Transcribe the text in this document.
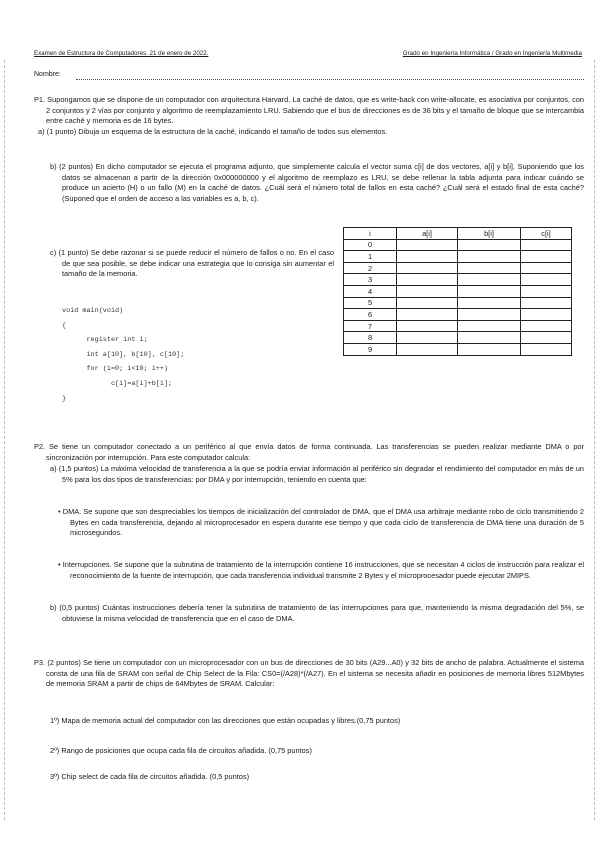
Examen de Estructura de Computadores. 21 de enero de 2022.	Grado en Ingeniería Informática / Grado en Ingeniería Multimedia
Nombre:

P1. Supongamos que se dispone de un computador con arquitectura Harvard. La caché de datos, que es write-back con write-allocate, es asociativa por conjuntos, con 2 conjuntos y 2 vías por conjunto y algoritmo de reemplazamiento LRU. Sabiendo que el bus de direcciones es de 36 bits y el tamaño de bloque que se intercambia entre caché y memoria es de 16 bytes.

a) (1 punto) Dibuja un esquema de la estructura de la caché, indicando el tamaño de todos sus elementos.

b) (2 puntos) En dicho computador se ejecuta el programa adjunto, que simplemente calcula el vector suma c[i] de dos vectores, a[i] y b[i]. Suponiendo que los datos se almacenan a partir de la dirección 0x000000000 y el algoritmo de reemplazo es LRU, se debe rellenar la tabla adjunta para indicar cuándo se produce un acierto (H) o un fallo (M) en la caché de datos. ¿Cuál será el número total de fallos en esta caché? ¿Cuál será el estado final de esta caché? (Suponed que el orden de acceso a las variables es a, b, c).

c) (1 punto) Se debe razonar si se puede reducir el número de fallos o no. En el caso de que sea posible, se debe indicar una estrategia que lo consiga sin aumentar el tamaño de la memoria.

void main(void)
{
register int i;
int a[10], b[10], c[10];
for (i=0; i<10; i++)
c[i]=a[i]+b[i];
}
i	a[i]	b[i]	c[i]
0			
1			
2			
3			
4			
5			
6			
7			
8			
9			

P2. Se tiene un computador conectado a un periférico al que envía datos de forma continuada. Las transferencias se pueden realizar mediante DMA o por sincronización por interrupción. Para este computador calcula:

a) (1,5 puntos) La máxima velocidad de transferencia a la que se podría enviar información al periférico sin degradar el rendimiento del computador en más de un 5% para los dos tipos de transferencias: por DMA y por interrupción, teniendo en cuenta que:

• DMA. Se supone que son despreciables los tiempos de inicialización del controlador de DMA, que el DMA usa arbitraje mediante robo de ciclo transmitiendo 2 Bytes en cada transferencia, dejando al microprocesador en espera durante ese tiempo y que cada ciclo de transferencia de DMA tiene una duración de 5 microsegundos.

• Interrupciones. Se supone que la subrutina de tratamiento de la interrupción contiene 16 instrucciones, que se necesitan 4 ciclos de instrucción para realizar el reconocimiento de la fuente de interrupción, que cada transferencia individual transmite 2 Bytes y el microprocesador puede ejecutar 2MIPS.

b) (0,5 puntos) Cuántas instrucciones debería tener la subrutina de tratamiento de las interrupciones para que, manteniendo la misma degradación del 5%, se obtuviese la misma velocidad de transferencia que en el caso de DMA.

P3. (2 puntos) Se tiene un computador con un microprocesador con un bus de direcciones de 30 bits (A29...A0) y 32 bits de ancho de palabra. Actualmente el sistema consta de una fila de SRAM con señal de Chip Select de la Fila: CS0=(/A28)*(/A27). En el sistema se necesita añadir en posiciones de memoria libres 512Mbytes de memoria SRAM a partir de chips de 64Mbytes de SRAM. Calcular:

1º) Mapa de memoria actual del computador con las direcciones que están ocupadas y libres.(0,75 puntos)

2º) Rango de posiciones que ocupa cada fila de circuitos añadida. (0,75 puntos)

3º) Chip select de cada fila de circuitos añadida. (0,5 puntos)
